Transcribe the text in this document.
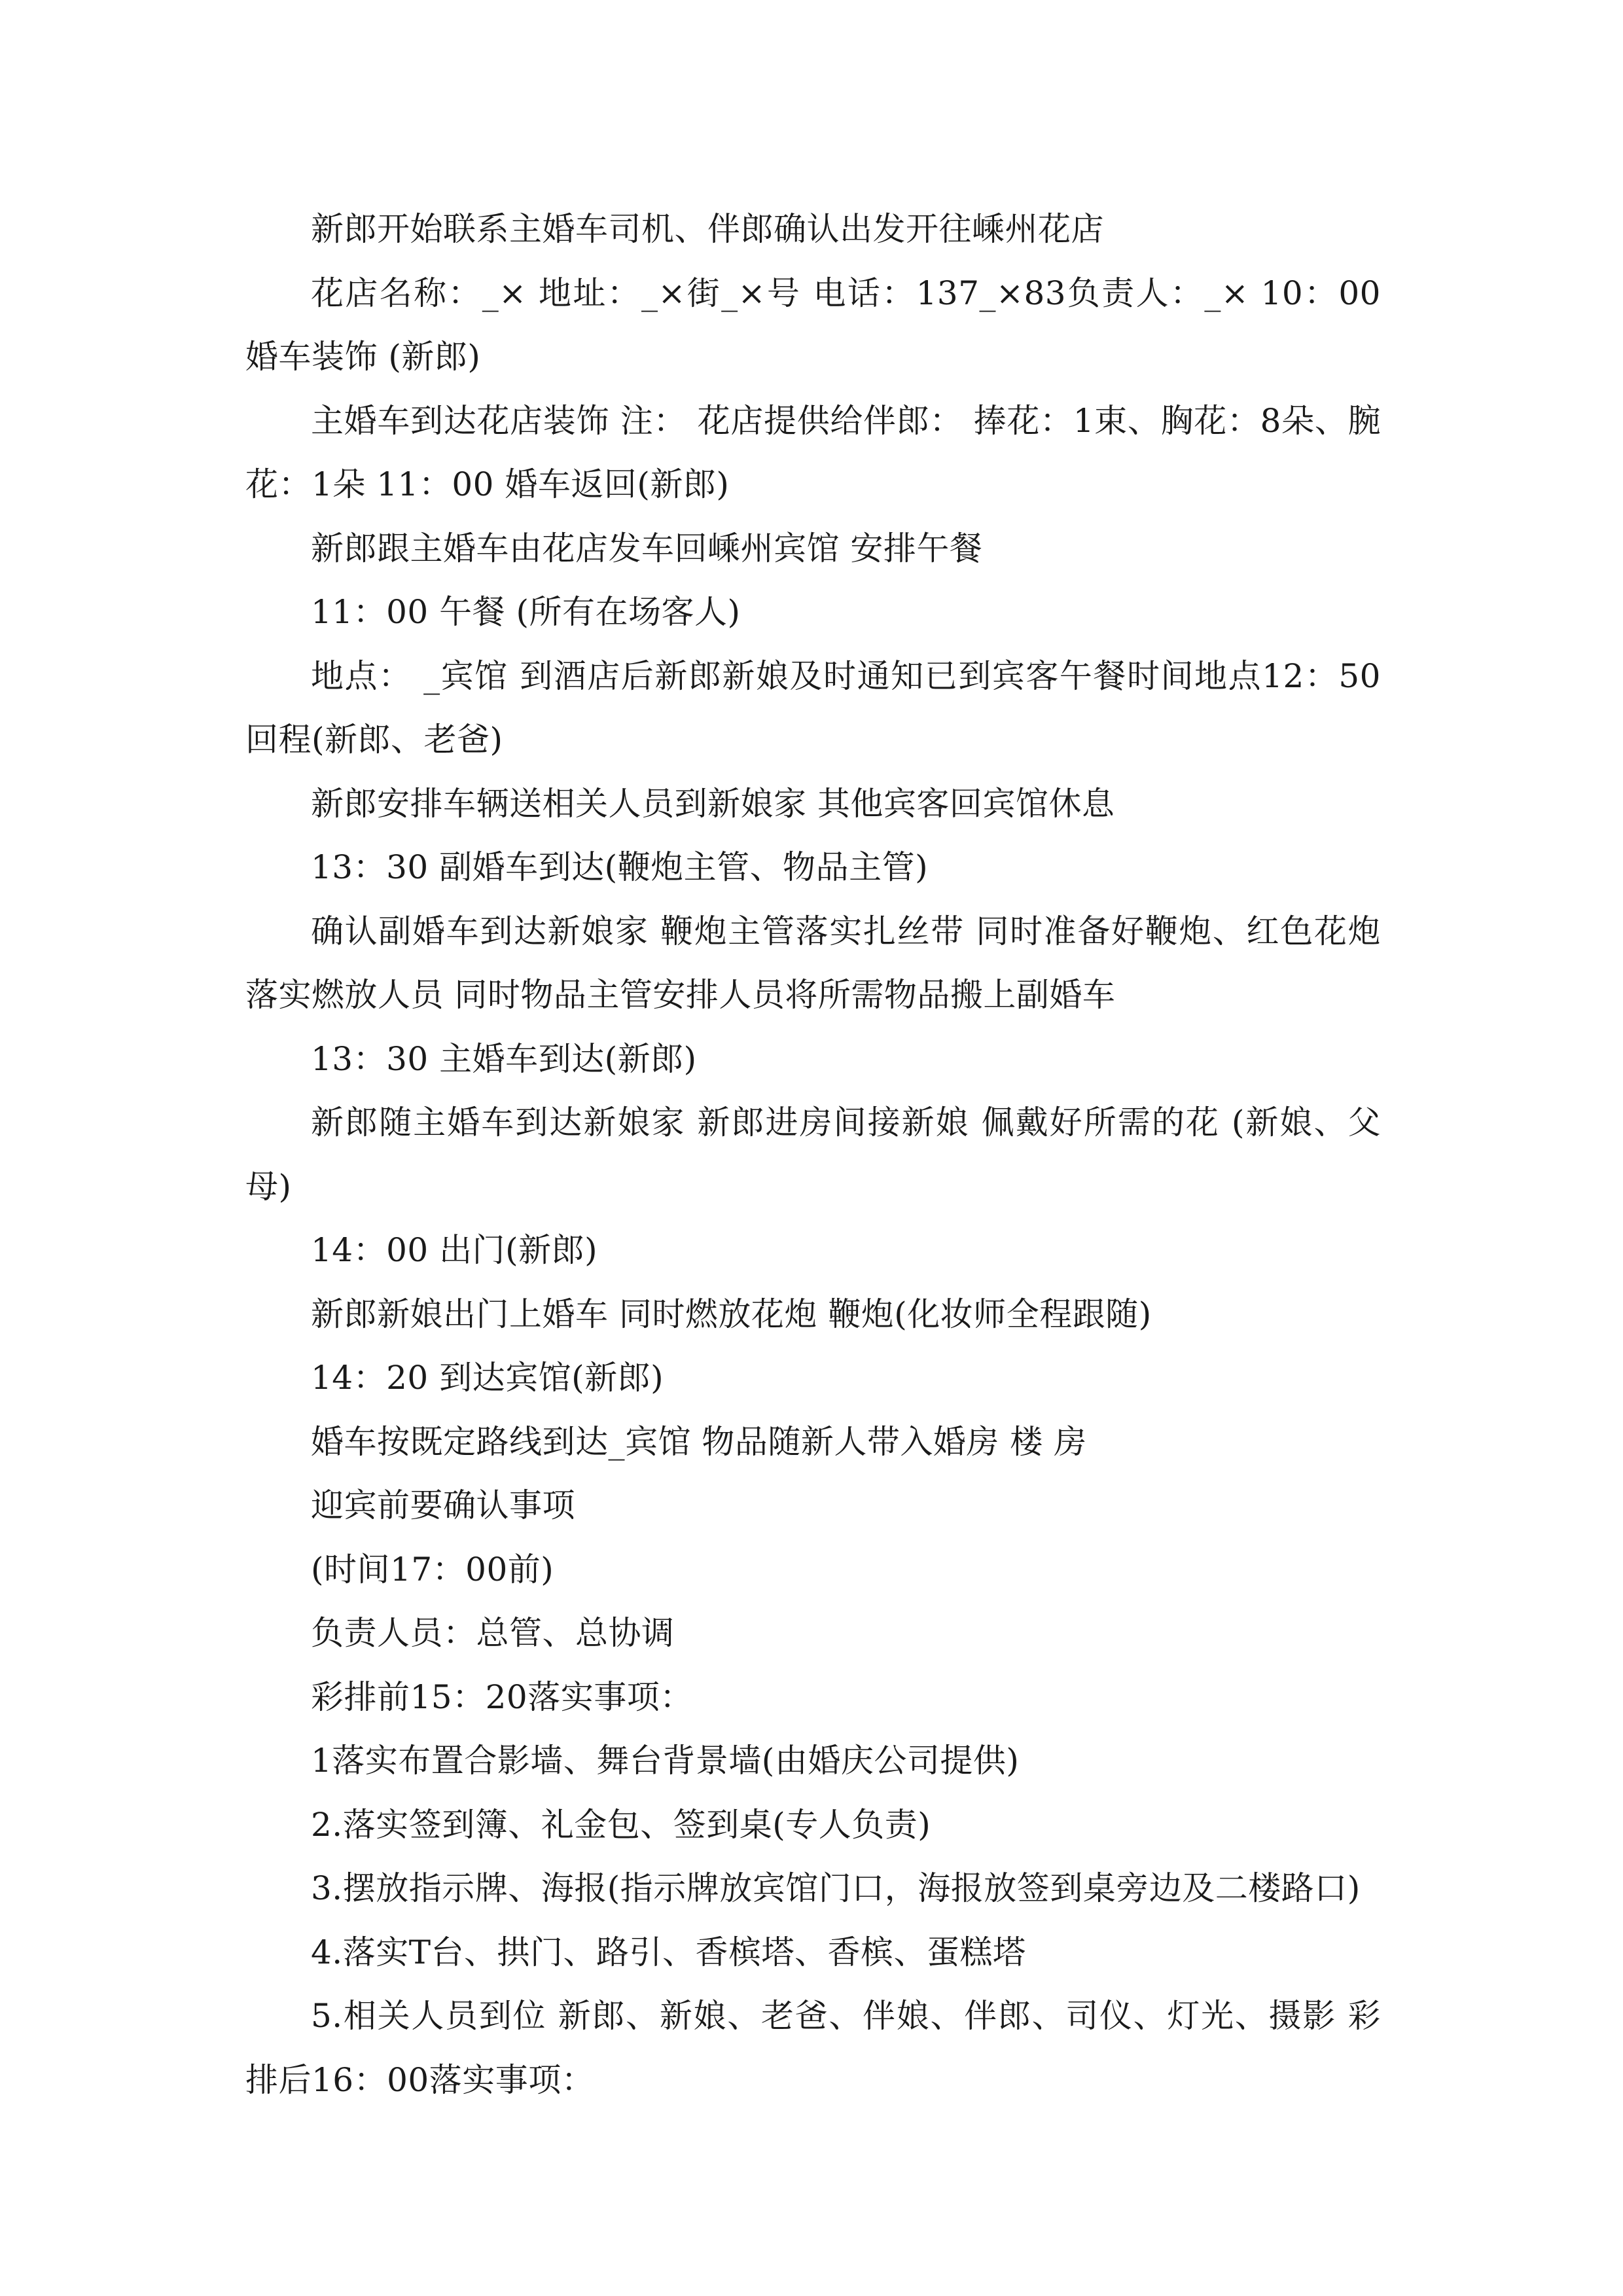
新郎开始联系主婚车司机、伴郎确认出发开往嵊州花店

花店名称：_× 地址：_×街_×号 电话：137_×83负责人：_× 10：00婚车装饰 (新郎)

主婚车到达花店装饰 注： 花店提供给伴郎： 捧花：1束、胸花：8朵、腕花：1朵 11：00 婚车返回(新郎)

新郎跟主婚车由花店发车回嵊州宾馆 安排午餐

11：00 午餐 (所有在场客人)

地点： _宾馆 到酒店后新郎新娘及时通知已到宾客午餐时间地点12：50回程(新郎、老爸)

新郎安排车辆送相关人员到新娘家 其他宾客回宾馆休息

13：30 副婚车到达(鞭炮主管、物品主管)

确认副婚车到达新娘家 鞭炮主管落实扎丝带 同时准备好鞭炮、红色花炮落实燃放人员 同时物品主管安排人员将所需物品搬上副婚车

13：30 主婚车到达(新郎)

新郎随主婚车到达新娘家 新郎进房间接新娘 佩戴好所需的花 (新娘、父母)

14：00 出门(新郎)

新郎新娘出门上婚车 同时燃放花炮 鞭炮(化妆师全程跟随)

14：20 到达宾馆(新郎)

婚车按既定路线到达_宾馆 物品随新人带入婚房 楼 房

迎宾前要确认事项

(时间17：00前)

负责人员：总管、总协调

彩排前15：20落实事项：

1落实布置合影墙、舞台背景墙(由婚庆公司提供)

2.落实签到簿、礼金包、签到桌(专人负责)

3.摆放指示牌、海报(指示牌放宾馆门口，海报放签到桌旁边及二楼路口)

4.落实T台、拱门、路引、香槟塔、香槟、蛋糕塔

5.相关人员到位 新郎、新娘、老爸、伴娘、伴郎、司仪、灯光、摄影 彩排后16：00落实事项：
